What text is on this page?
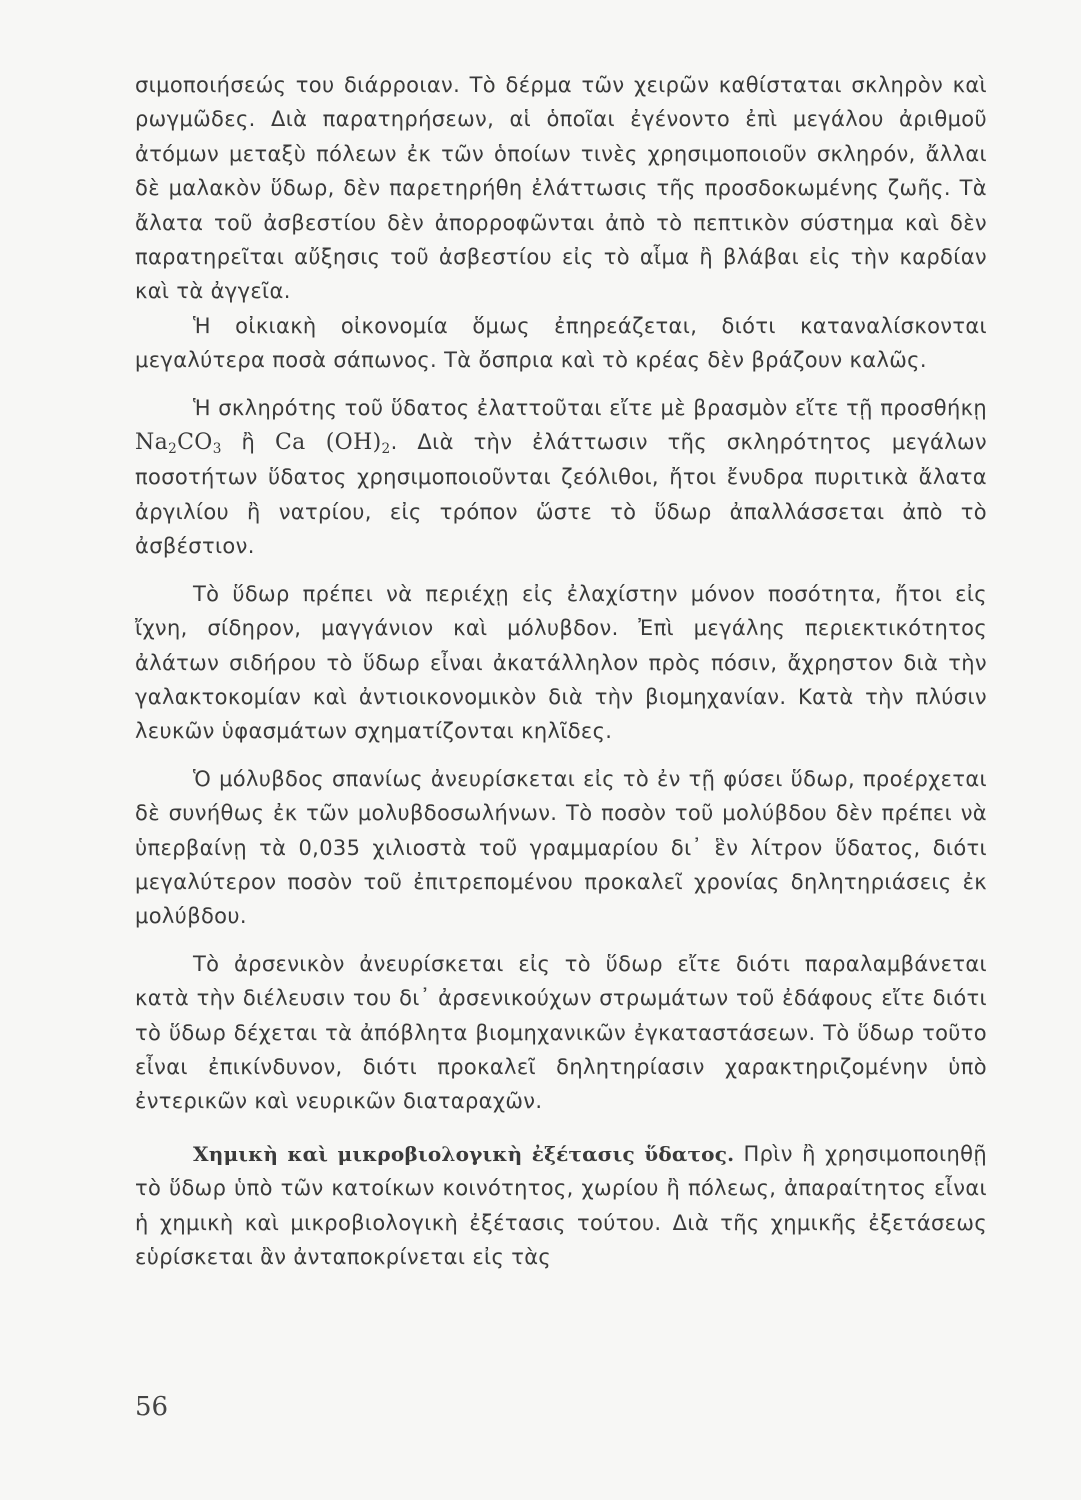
σιμοποιήσεώς του διάρροιαν. Τὸ δέρμα τῶν χειρῶν καθίσταται σκληρὸν καὶ ρωγμῶδες. Διὰ παρατηρήσεων, αἱ ὁποῖαι ἐγένοντο ἐπὶ μεγάλου ἀριθμοῦ ἀτόμων μεταξὺ πόλεων ἐκ τῶν ὁποίων τινὲς χρησιμοποιοῦν σκληρόν, ἄλλαι δὲ μαλακὸν ὕδωρ, δὲν παρετηρήθη ἐλάττωσις τῆς προσδοκωμένης ζωῆς. Τὰ ἄλατα τοῦ ἀσβεστίου δὲν ἀπορροφῶνται ἀπὸ τὸ πεπτικὸν σύστημα καὶ δὲν παρατηρεῖται αὔξησις τοῦ ἀσβεστίου εἰς τὸ αἷμα ἢ βλάβαι εἰς τὴν καρδίαν καὶ τὰ ἀγγεῖα.

Ἡ οἰκιακὴ οἰκονομία ὅμως ἐπηρεάζεται, διότι καταναλίσκονται μεγαλύτερα ποσὰ σάπωνος. Τὰ ὄσπρια καὶ τὸ κρέας δὲν βράζουν καλῶς.

Ἡ σκληρότης τοῦ ὕδατος ἐλαττοῦται εἴτε μὲ βρασμὸν εἴτε τῇ προσθήκῃ $Na_2CO_3$ ἢ Ca $(OH)_2$. Διὰ τὴν ἐλάττωσιν τῆς σκληρότητος μεγάλων ποσοτήτων ὕδατος χρησιμοποιοῦνται ζεόλιθοι, ἤτοι ἔνυδρα πυριτικὰ ἄλατα ἀργιλίου ἢ νατρίου, εἰς τρόπον ὥστε τὸ ὕδωρ ἀπαλλάσσεται ἀπὸ τὸ ἀσβέστιον.

Τὸ ὕδωρ πρέπει νὰ περιέχῃ εἰς ἐλαχίστην μόνον ποσότητα, ἤτοι εἰς ἴχνη, σίδηρον, μαγγάνιον καὶ μόλυβδον. Ἐπὶ μεγάλης περιεκτικότητος ἀλάτων σιδήρου τὸ ὕδωρ εἶναι ἀκατάλληλον πρὸς πόσιν, ἄχρηστον διὰ τὴν γαλακτοκομίαν καὶ ἀντιοικονομικὸν διὰ τὴν βιομηχανίαν. Κατὰ τὴν πλύσιν λευκῶν ὑφασμάτων σχηματίζονται κηλῖδες.

Ὁ μόλυβδος σπανίως ἀνευρίσκεται εἰς τὸ ἐν τῇ φύσει ὕδωρ, προέρχεται δὲ συνήθως ἐκ τῶν μολυβδοσωλήνων. Τὸ ποσὸν τοῦ μολύβδου δὲν πρέπει νὰ ὑπερβαίνῃ τὰ 0,035 χιλιοστὰ τοῦ γραμμαρίου δι᾽ ἓν λίτρον ὕδατος, διότι μεγαλύτερον ποσὸν τοῦ ἐπιτρεπομένου προκαλεῖ χρονίας δηλητηριάσεις ἐκ μολύβδου.

Τὸ ἀρσενικὸν ἀνευρίσκεται εἰς τὸ ὕδωρ εἴτε διότι παραλαμβάνεται κατὰ τὴν διέλευσιν του δι᾽ ἀρσενικούχων στρωμάτων τοῦ ἐδάφους εἴτε διότι τὸ ὕδωρ δέχεται τὰ ἀπόβλητα βιομηχανικῶν ἐγκαταστάσεων. Τὸ ὕδωρ τοῦτο εἶναι ἐπικίνδυνον, διότι προκαλεῖ δηλητηρίασιν χαρακτηριζομένην ὑπὸ ἐντερικῶν καὶ νευρικῶν διαταραχῶν.

Χημικὴ καὶ μικροβιολογικὴ ἐξέτασις ὕδατος. Πρὶν ἢ χρησιμοποιηθῇ τὸ ὕδωρ ὑπὸ τῶν κατοίκων κοινότητος, χωρίου ἢ πόλεως, ἀπαραίτητος εἶναι ἡ χημικὴ καὶ μικροβιολογικὴ ἐξέτασις τούτου. Διὰ τῆς χημικῆς ἐξετάσεως εὑρίσκεται ἂν ἀνταποκρίνεται εἰς τὰς

56
